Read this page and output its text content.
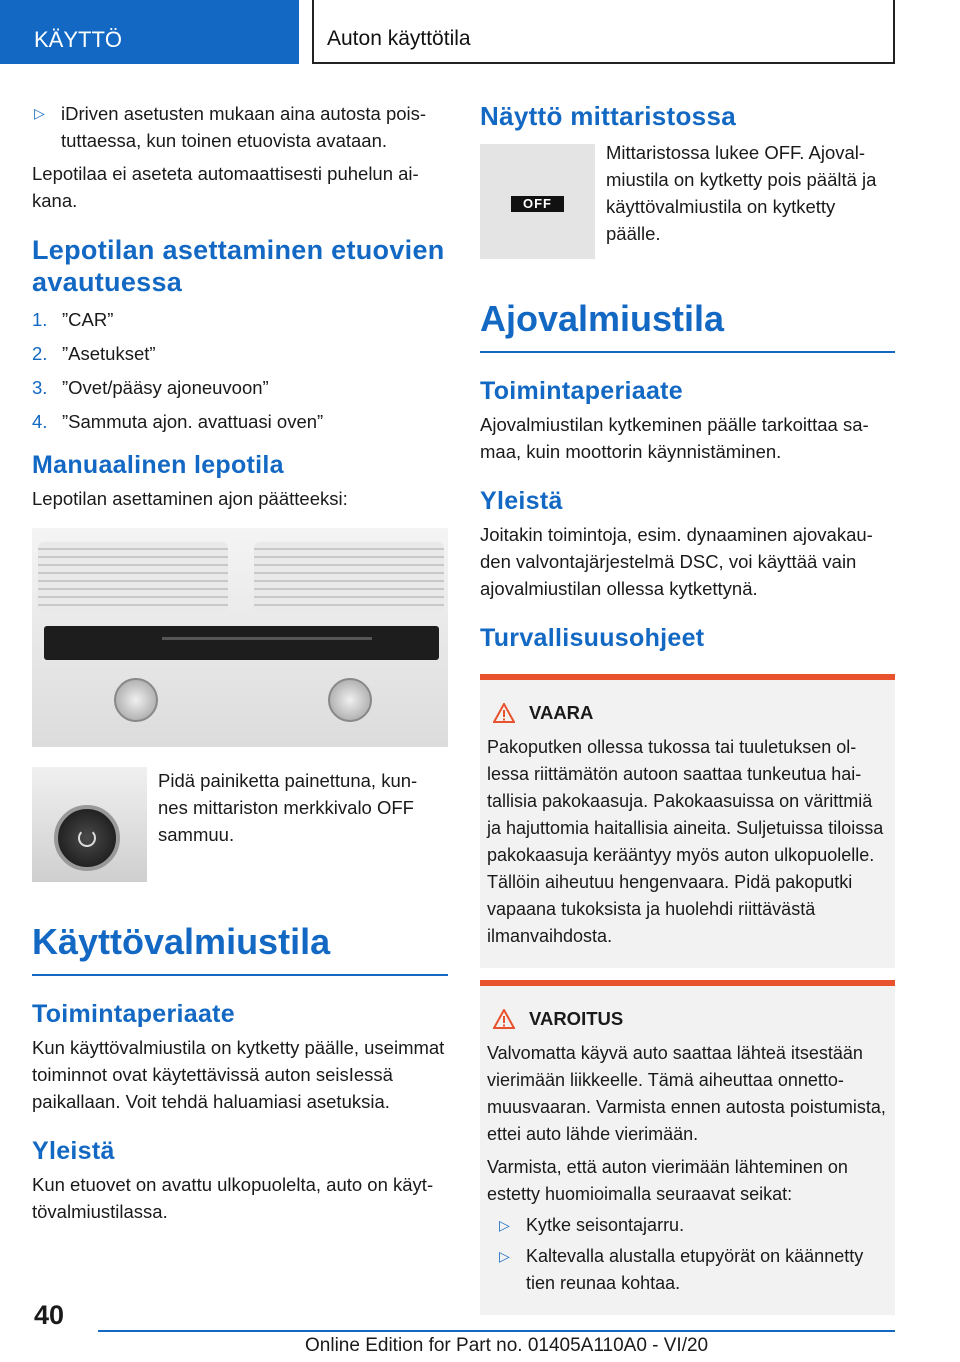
KÄYTTÖ	Auton käyttötila
▷ iDriven asetusten mukaan aina autosta poistuttaessa, kun toinen etuovista avataan.

Lepotilaa ei aseteta automaattisesti puhelun aikana.

Lepotilan asettaminen etuovien avautuessa
1. ”CAR”
2. ”Asetukset”
3. ”Ovet/pääsy ajoneuvoon”
4. ”Sammuta ajon. avattuasi oven”
Manuaalinen lepotila

Lepotilan asettaminen ajon päätteeksi:

Pidä painiketta painettuna, kunnes mittariston merkkivalo OFF sammuu.

Käyttövalmiustila
Toimintaperiaate

Kun käyttövalmiustila on kytketty päälle, useimmat toiminnot ovat käytettävissä auton seisIessä paikallaan. Voit tehdä haluamiasi asetuksia.

Yleistä

Kun etuovet on avattu ulkopuolelta, auto on käyttövalmiustilassa.

Näyttö mittaristossa
OFF

Mittaristossa lukee OFF. Ajovalmiustila on kytketty pois päältä ja käyttövalmiustila on kytketty päälle.

Ajovalmiustila
Toimintaperiaate

Ajovalmiustilan kytkeminen päälle tarkoittaa samaa, kuin moottorin käynnistäminen.

Yleistä

Joitakin toimintoja, esim. dynaaminen ajovakauden valvontajärjestelmä DSC, voi käyttää vain ajovalmiustilan ollessa kytkettynä.

Turvallisuusohjeet
VAARA

Pakoputken ollessa tukossa tai tuuletuksen ollessa riittämätön autoon saattaa tunkeutua haitallisia pakokaasuja. Pakokaasuissa on värittmiä ja hajuttomia haitallisia aineita. Suljetuissa tiloissa pakokaasuja kerääntyy myös auton ulkopuolelle. Tällöin aiheutuu hengenvaara. Pidä pakoputki vapaana tukoksista ja huolehdi riittävästä ilmanvaihdosta.

VAROITUS

Valvomatta käyvä auto saattaa lähteä itsestään vierimään liikkeelle. Tämä aiheuttaa onnettomuusvaaran. Varmista ennen autosta poistumista, ettei auto lähde vierimään.

Varmista, että auton vierimään lähteminen on estetty huomioimalla seuraavat seikat:

▷ Kytke seisontajarru.
▷ Kaltevalla alustalla etupyörät on käännetty tien reunaa kohtaa.
40
Online Edition for Part no. 01405A110A0 - VI/20
